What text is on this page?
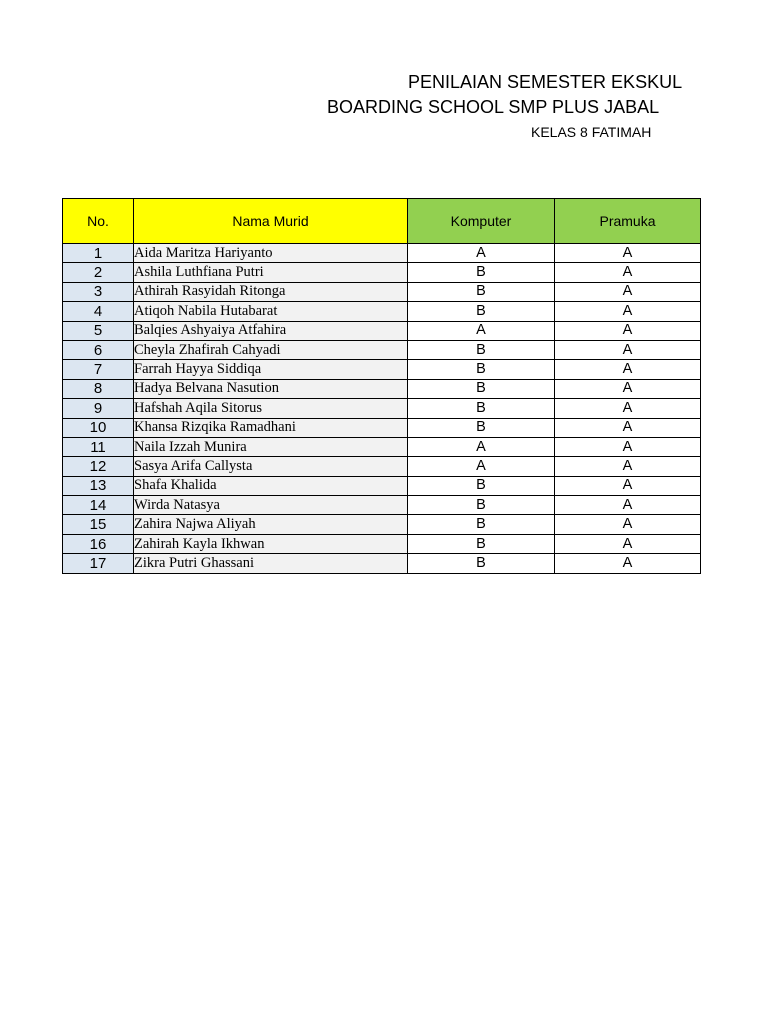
PENILAIAN SEMESTER EKSKUL
BOARDING SCHOOL SMP PLUS JABAL
KELAS 8 FATIMAH
No.	Nama Murid	Komputer	Pramuka
1	Aida Maritza Hariyanto	A	A
2	Ashila Luthfiana Putri	B	A
3	Athirah Rasyidah Ritonga	B	A
4	Atiqoh Nabila Hutabarat	B	A
5	Balqies Ashyaiya Atfahira	A	A
6	Cheyla Zhafirah Cahyadi	B	A
7	Farrah Hayya Siddiqa	B	A
8	Hadya Belvana Nasution	B	A
9	Hafshah Aqila Sitorus	B	A
10	Khansa Rizqika Ramadhani	B	A
11	Naila Izzah Munira	A	A
12	Sasya Arifa Callysta	A	A
13	Shafa Khalida	B	A
14	Wirda Natasya	B	A
15	Zahira Najwa Aliyah	B	A
16	Zahirah Kayla Ikhwan	B	A
17	Zikra Putri Ghassani	B	A
